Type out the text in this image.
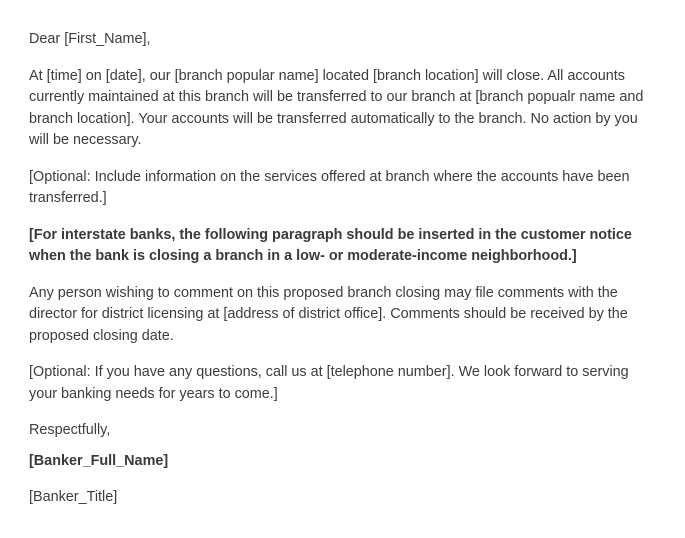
Dear [First_Name],

At [time] on [date], our [branch popular name] located [branch location] will close. All accounts currently maintained at this branch will be transferred to our branch at [branch popualr name and branch location]. Your accounts will be transferred automatically to the branch. No action by you will be necessary.

[Optional: Include information on the services offered at branch where the accounts have been transferred.]

[For interstate banks, the following paragraph should be inserted in the customer notice when the bank is closing a branch in a low- or moderate-income neighborhood.]

Any person wishing to comment on this proposed branch closing may file comments with the director for district licensing at [address of district office]. Comments should be received by the proposed closing date.

[Optional: If you have any questions, call us at [telephone number]. We look forward to serving your banking needs for years to come.]

Respectfully,

[Banker_Full_Name]

[Banker_Title]
